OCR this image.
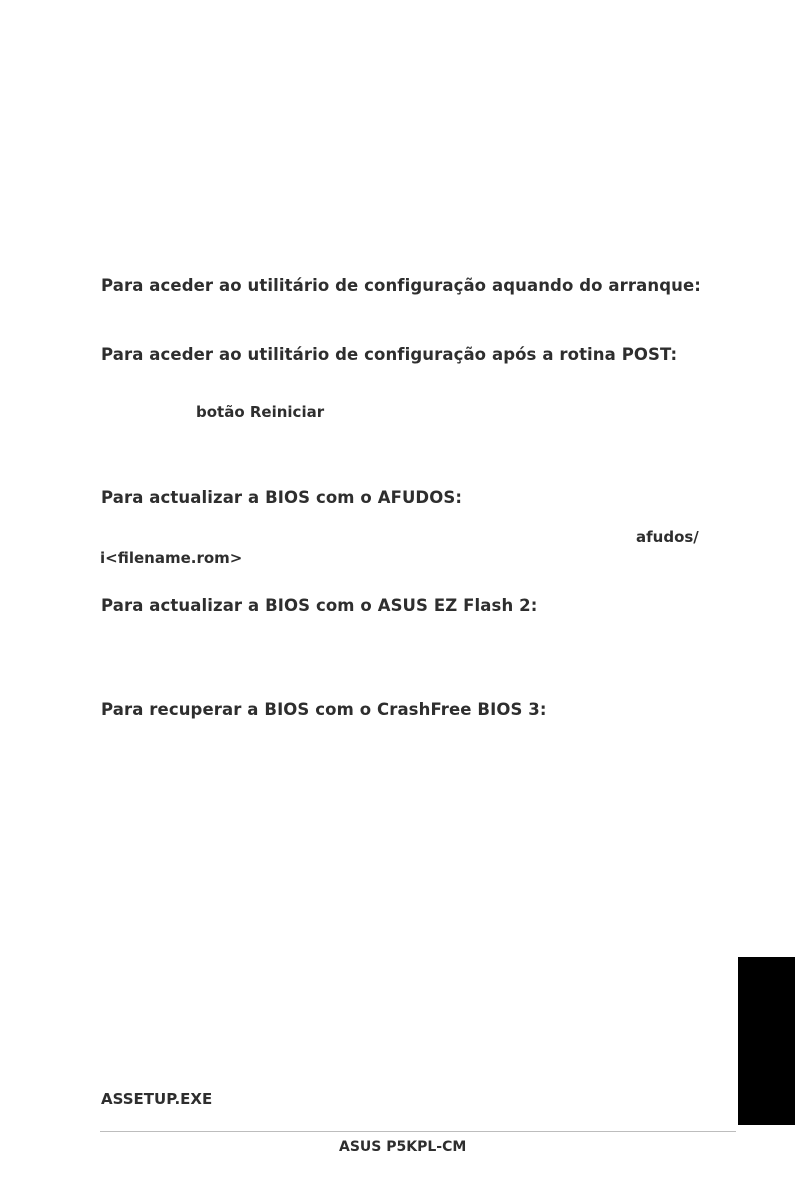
Para aceder ao utilitário de configuração aquando do arranque:
Para aceder ao utilitário de configuração após a rotina POST:
botão Reiniciar
Para actualizar a BIOS com o AFUDOS:
afudos/
i<filename.rom>
Para actualizar a BIOS com o ASUS EZ Flash 2:
Para recuperar a BIOS com o CrashFree BIOS 3:
ASSETUP.EXE
ASUS P5KPL-CM
